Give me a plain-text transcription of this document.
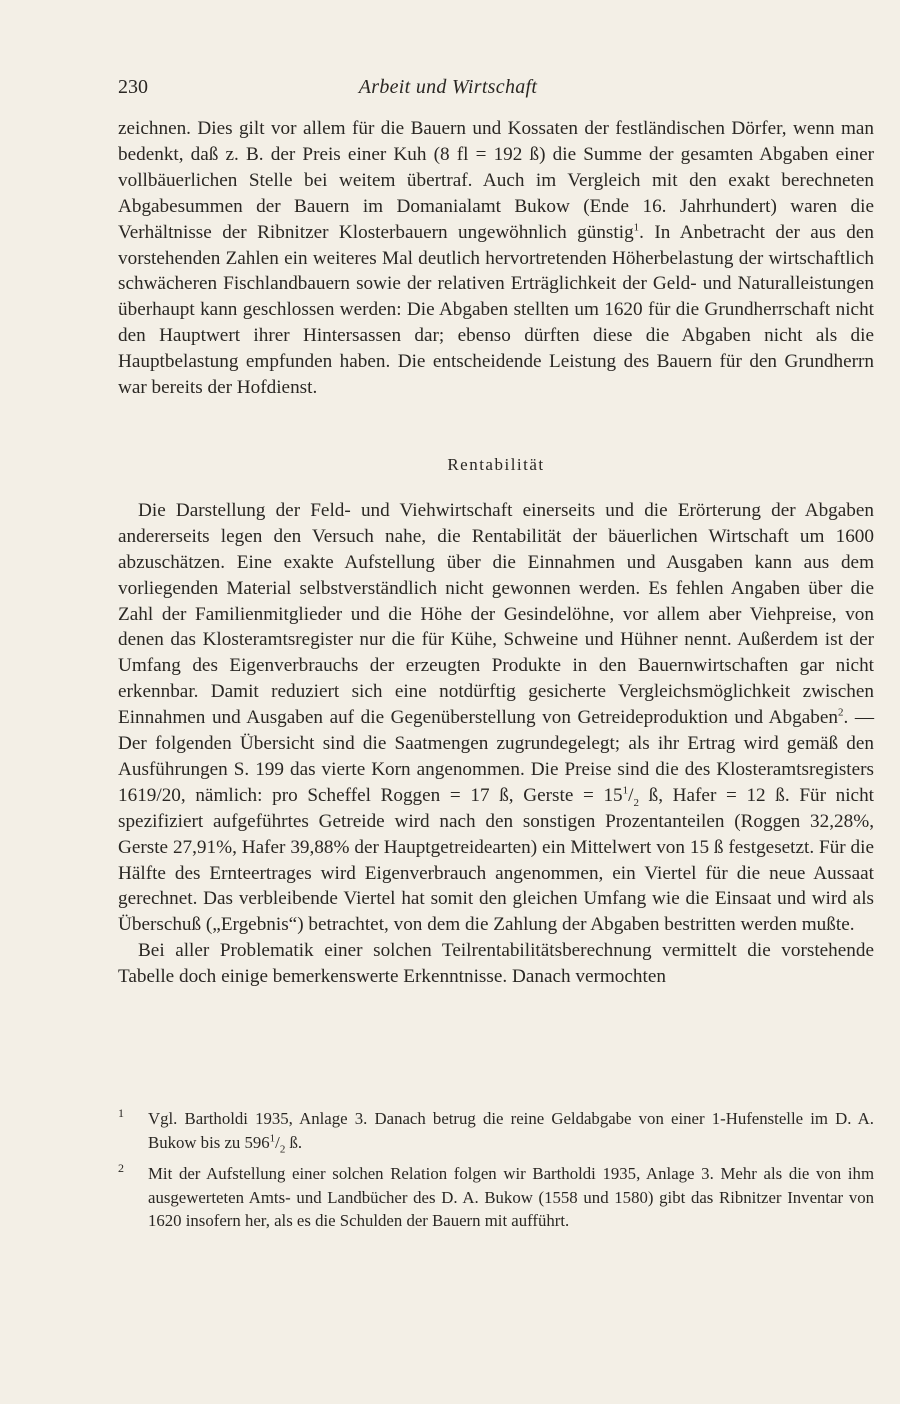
230	Arbeit und Wirtschaft

zeichnen. Dies gilt vor allem für die Bauern und Kossaten der festländischen Dörfer, wenn man bedenkt, daß z. B. der Preis einer Kuh (8 fl = 192 ß) die Summe der gesamten Abgaben einer vollbäuerlichen Stelle bei weitem übertraf. Auch im Vergleich mit den exakt berechneten Abgabesummen der Bauern im Domanialamt Bukow (Ende 16. Jahrhundert) waren die Verhältnisse der Ribnitzer Klosterbauern ungewöhnlich günstig$^1$. In Anbetracht der aus den vorstehenden Zahlen ein weiteres Mal deutlich hervortretenden Höherbelastung der wirtschaftlich schwächeren Fischlandbauern sowie der relativen Erträglichkeit der Geld- und Naturalleistungen überhaupt kann geschlossen werden: Die Abgaben stellten um 1620 für die Grundherrschaft nicht den Hauptwert ihrer Hintersassen dar; ebenso dürften diese die Abgaben nicht als die Hauptbelastung empfunden haben. Die entscheidende Leistung des Bauern für den Grundherrn war bereits der Hofdienst.

Rentabilität

Die Darstellung der Feld- und Viehwirtschaft einerseits und die Erörterung der Abgaben andererseits legen den Versuch nahe, die Rentabilität der bäuerlichen Wirtschaft um 1600 abzuschätzen. Eine exakte Aufstellung über die Einnahmen und Ausgaben kann aus dem vorliegenden Material selbstverständlich nicht gewonnen werden. Es fehlen Angaben über die Zahl der Familienmitglieder und die Höhe der Gesindelöhne, vor allem aber Viehpreise, von denen das Klosteramtsregister nur die für Kühe, Schweine und Hühner nennt. Außerdem ist der Umfang des Eigenverbrauchs der erzeugten Produkte in den Bauernwirtschaften gar nicht erkennbar. Damit reduziert sich eine notdürftig gesicherte Vergleichsmöglichkeit zwischen Einnahmen und Ausgaben auf die Gegenüberstellung von Getreideproduktion und Abgaben$^2$. — Der folgenden Übersicht sind die Saatmengen zugrundegelegt; als ihr Ertrag wird gemäß den Ausführungen S. 199 das vierte Korn angenommen. Die Preise sind die des Klosteramtsregisters 1619/20, nämlich: pro Scheffel Roggen = 17 ß, Gerste = $15^1/_2$ ß, Hafer = 12 ß. Für nicht spezifiziert aufgeführtes Getreide wird nach den sonstigen Prozentanteilen (Roggen 32,28%, Gerste 27,91%, Hafer 39,88% der Hauptgetreidearten) ein Mittelwert von 15 ß festgesetzt. Für die Hälfte des Ernteertrages wird Eigenverbrauch angenommen, ein Viertel für die neue Aussaat gerechnet. Das verbleibende Viertel hat somit den gleichen Umfang wie die Einsaat und wird als Überschuß („Ergebnis“) betrachtet, von dem die Zahlung der Abgaben bestritten werden mußte.

Bei aller Problematik einer solchen Teilrentabilitätsberechnung vermittelt die vorstehende Tabelle doch einige bemerkenswerte Erkenntnisse. Danach vermochten

1 Vgl. Bartholdi 1935, Anlage 3. Danach betrug die reine Geldabgabe von einer 1-Hufenstelle im D. A. Bukow bis zu $596^1/_2$ ß.

2 Mit der Aufstellung einer solchen Relation folgen wir Bartholdi 1935, Anlage 3. Mehr als die von ihm ausgewerteten Amts- und Landbücher des D. A. Bukow (1558 und 1580) gibt das Ribnitzer Inventar von 1620 insofern her, als es die Schulden der Bauern mit aufführt.
